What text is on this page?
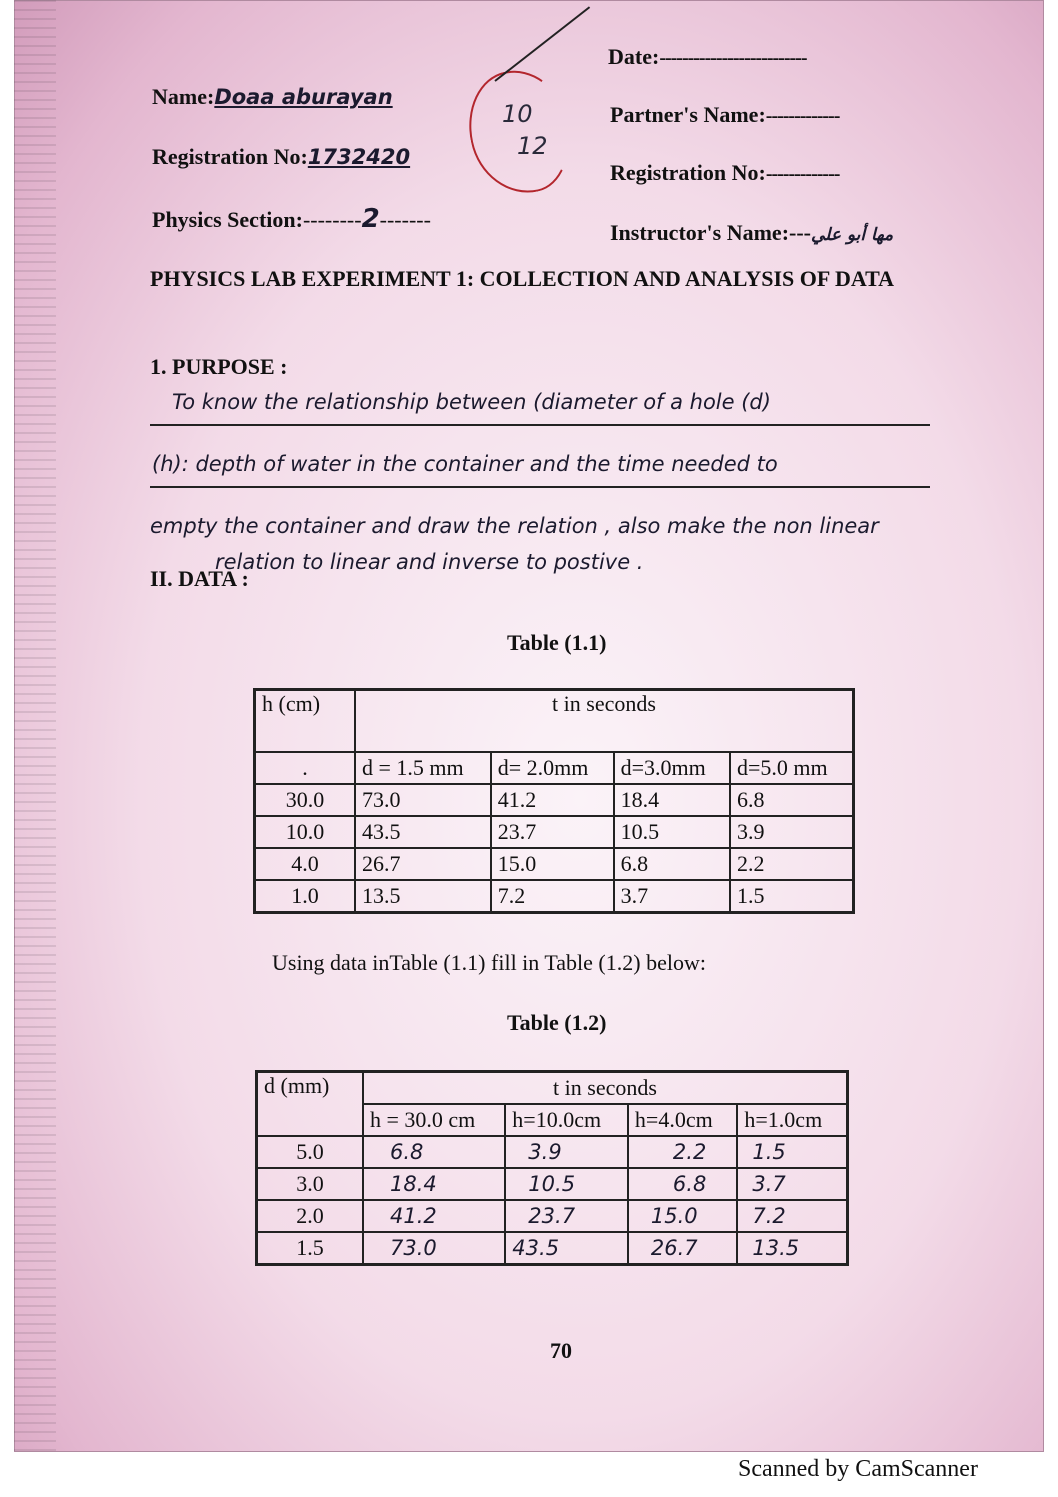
Date:--------------------------
Name:Doaa aburayan
Partner's Name:-------------
Registration No:1732420
Registration No:-------------
Physics Section:--------2-------
Instructor's Name:---مها أبو علي
10
12
PHYSICS LAB EXPERIMENT 1: COLLECTION AND ANALYSIS OF DATA
1. PURPOSE :
To know the relationship between (diameter of a hole (d)
(h): depth of water in the container and the time needed to
empty the container and draw the relation , also make the non linear
relation to linear and inverse to postive .
II. DATA :
Table (1.1)
h (cm)	t in seconds			
.	d = 1.5 mm	d= 2.0mm	d=3.0mm	d=5.0 mm
30.0	73.0	41.2	18.4	6.8
10.0	43.5	23.7	10.5	3.9
4.0	26.7	15.0	6.8	2.2
1.0	13.5	7.2	3.7	1.5
Using data inTable (1.1) fill in Table (1.2) below:
Table (1.2)
d (mm)	t in seconds			
	h = 30.0 cm	h=10.0cm	h=4.0cm	h=1.0cm
5.0	6.8	3.9	2.2	1.5
3.0	18.4	10.5	6.8	3.7
2.0	41.2	23.7	15.0	7.2
1.5	73.0	43.5	26.7	13.5
70
Scanned by CamScanner
